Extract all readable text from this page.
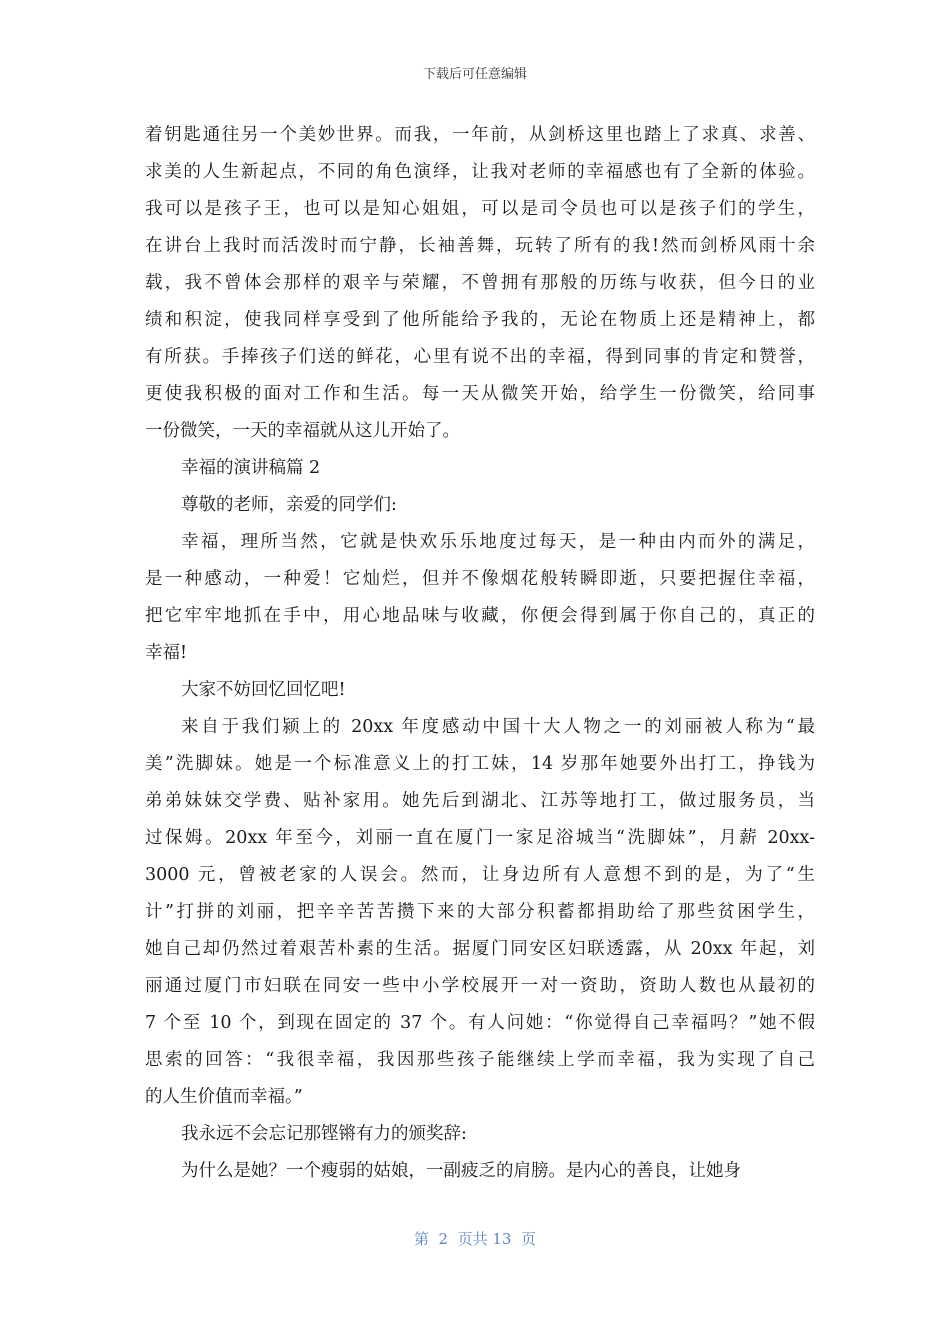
下载后可任意编辑
着钥匙通往另一个美妙世界。而我，一年前，从剑桥这里也踏上了求真、求善、
求美的人生新起点，不同的角色演绎，让我对老师的幸福感也有了全新的体验。
我可以是孩子王，也可以是知心姐姐，可以是司令员也可以是孩子们的学生，
在讲台上我时而活泼时而宁静，长袖善舞，玩转了所有的我!然而剑桥风雨十余
载，我不曾体会那样的艰辛与荣耀，不曾拥有那般的历练与收获，但今日的业
绩和积淀，使我同样享受到了他所能给予我的，无论在物质上还是精神上，都
有所获。手捧孩子们送的鲜花，心里有说不出的幸福，得到同事的肯定和赞誉，
更使我积极的面对工作和生活。每一天从微笑开始，给学生一份微笑，给同事
一份微笑，一天的幸福就从这儿开始了。
幸福的演讲稿篇 2
尊敬的老师，亲爱的同学们:
幸福，理所当然，它就是快欢乐乐地度过每天，是一种由内而外的满足，
是一种感动，一种爱！它灿烂，但并不像烟花般转瞬即逝，只要把握住幸福，
把它牢牢地抓在手中，用心地品味与收藏，你便会得到属于你自己的，真正的
幸福!
大家不妨回忆回忆吧!
来自于我们颍上的 20xx 年度感动中国十大人物之一的刘丽被人称为“最
美”洗脚妹。她是一个标准意义上的打工妹，14 岁那年她要外出打工，挣钱为
弟弟妹妹交学费、贴补家用。她先后到湖北、江苏等地打工，做过服务员，当
过保姆。20xx 年至今，刘丽一直在厦门一家足浴城当“洗脚妹”，月薪 20xx-
3000 元，曾被老家的人误会。然而，让身边所有人意想不到的是，为了“生
计”打拼的刘丽，把辛辛苦苦攒下来的大部分积蓄都捐助给了那些贫困学生，
她自己却仍然过着艰苦朴素的生活。据厦门同安区妇联透露，从 20xx 年起，刘
丽通过厦门市妇联在同安一些中小学校展开一对一资助，资助人数也从最初的
7 个至 10 个，到现在固定的 37 个。有人问她：“你觉得自己幸福吗？”她不假
思索的回答：“我很幸福，我因那些孩子能继续上学而幸福，我为实现了自己
的人生价值而幸福。”
我永远不会忘记那铿锵有力的颁奖辞:
为什么是她？一个瘦弱的姑娘，一副疲乏的肩膀。是内心的善良，让她身
第  2  页共 13  页
